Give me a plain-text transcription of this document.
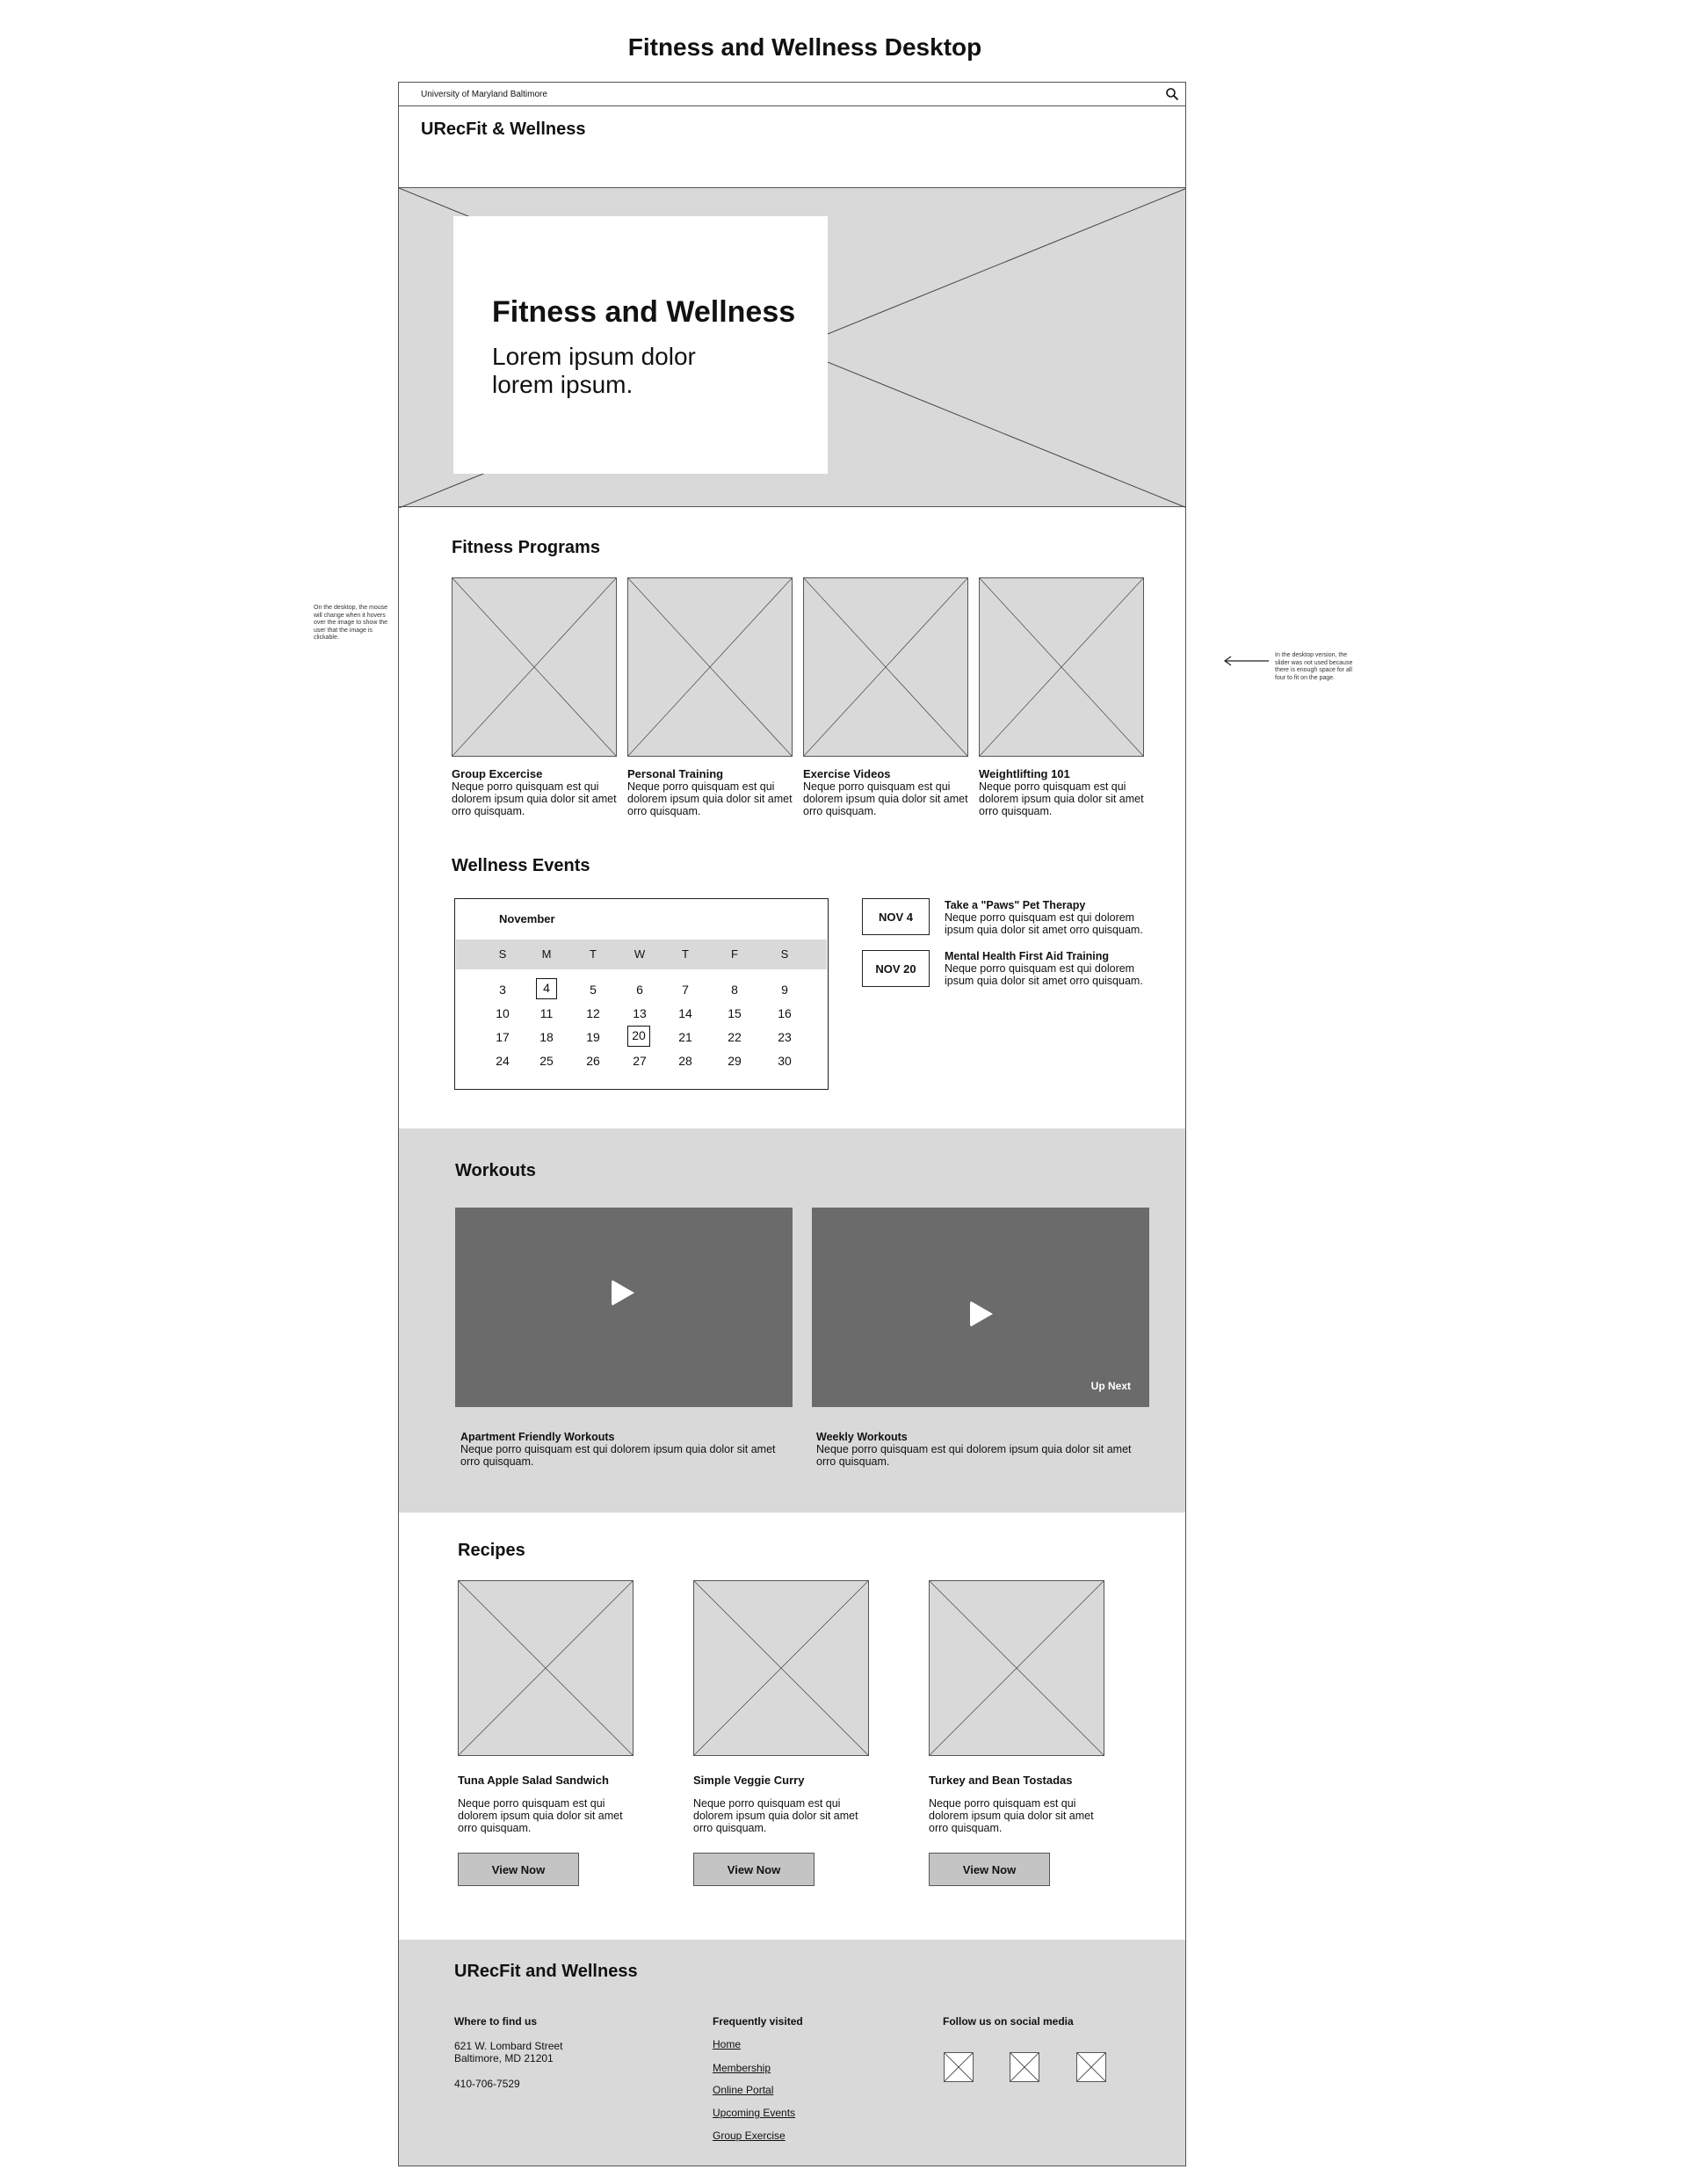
Fitness and Wellness Desktop
On the desktop, the mouse will change when it hovers over the image to show the user that the image is clickable.
In the desktop version, the slider was not used because there is enough space for all four to fit on the page.
University of Maryland Baltimore
URecFit & Wellness
Fitness and Wellness
Lorem ipsum dolor
lorem ipsum.
Fitness Programs
Group Excercise
Neque porro quisquam est qui dolorem ipsum quia dolor sit amet orro quisquam.
Personal Training
Neque porro quisquam est qui dolorem ipsum quia dolor sit amet orro quisquam.
Exercise Videos
Neque porro quisquam est qui dolorem ipsum quia dolor sit amet orro quisquam.
Weightlifting 101
Neque porro quisquam est qui dolorem ipsum quia dolor sit amet orro quisquam.
Wellness Events
November
S	M	T	W	T	F	S
3	4	5	6	7	8	9
10	11	12	13	14	15	16
17	18	19	20	21	22	23
24	25	26	27	28	29	30
NOV 4
Take a "Paws" Pet Therapy
Neque porro quisquam est qui dolorem
ipsum quia dolor sit amet orro quisquam.
NOV 20
Mental Health First Aid Training
Neque porro quisquam est qui dolorem
ipsum quia dolor sit amet orro quisquam.
Workouts
Up Next
Apartment Friendly Workouts
Neque porro quisquam est qui dolorem ipsum quia dolor sit amet
orro quisquam.
Weekly Workouts
Neque porro quisquam est qui dolorem ipsum quia dolor sit amet
orro quisquam.
Recipes
Tuna Apple Salad Sandwich
Neque porro quisquam est qui dolorem ipsum quia dolor sit amet orro quisquam.
View Now
Simple Veggie Curry
Neque porro quisquam est qui dolorem ipsum quia dolor sit amet orro quisquam.
View Now
Turkey and Bean Tostadas
Neque porro quisquam est qui dolorem ipsum quia dolor sit amet orro quisquam.
View Now
URecFit and Wellness
Where to find us
621 W. Lombard Street
Baltimore, MD 21201
410-706-7529
Frequently visited
Home
Membership
Online Portal
Upcoming Events
Group Exercise
Follow us on social media
